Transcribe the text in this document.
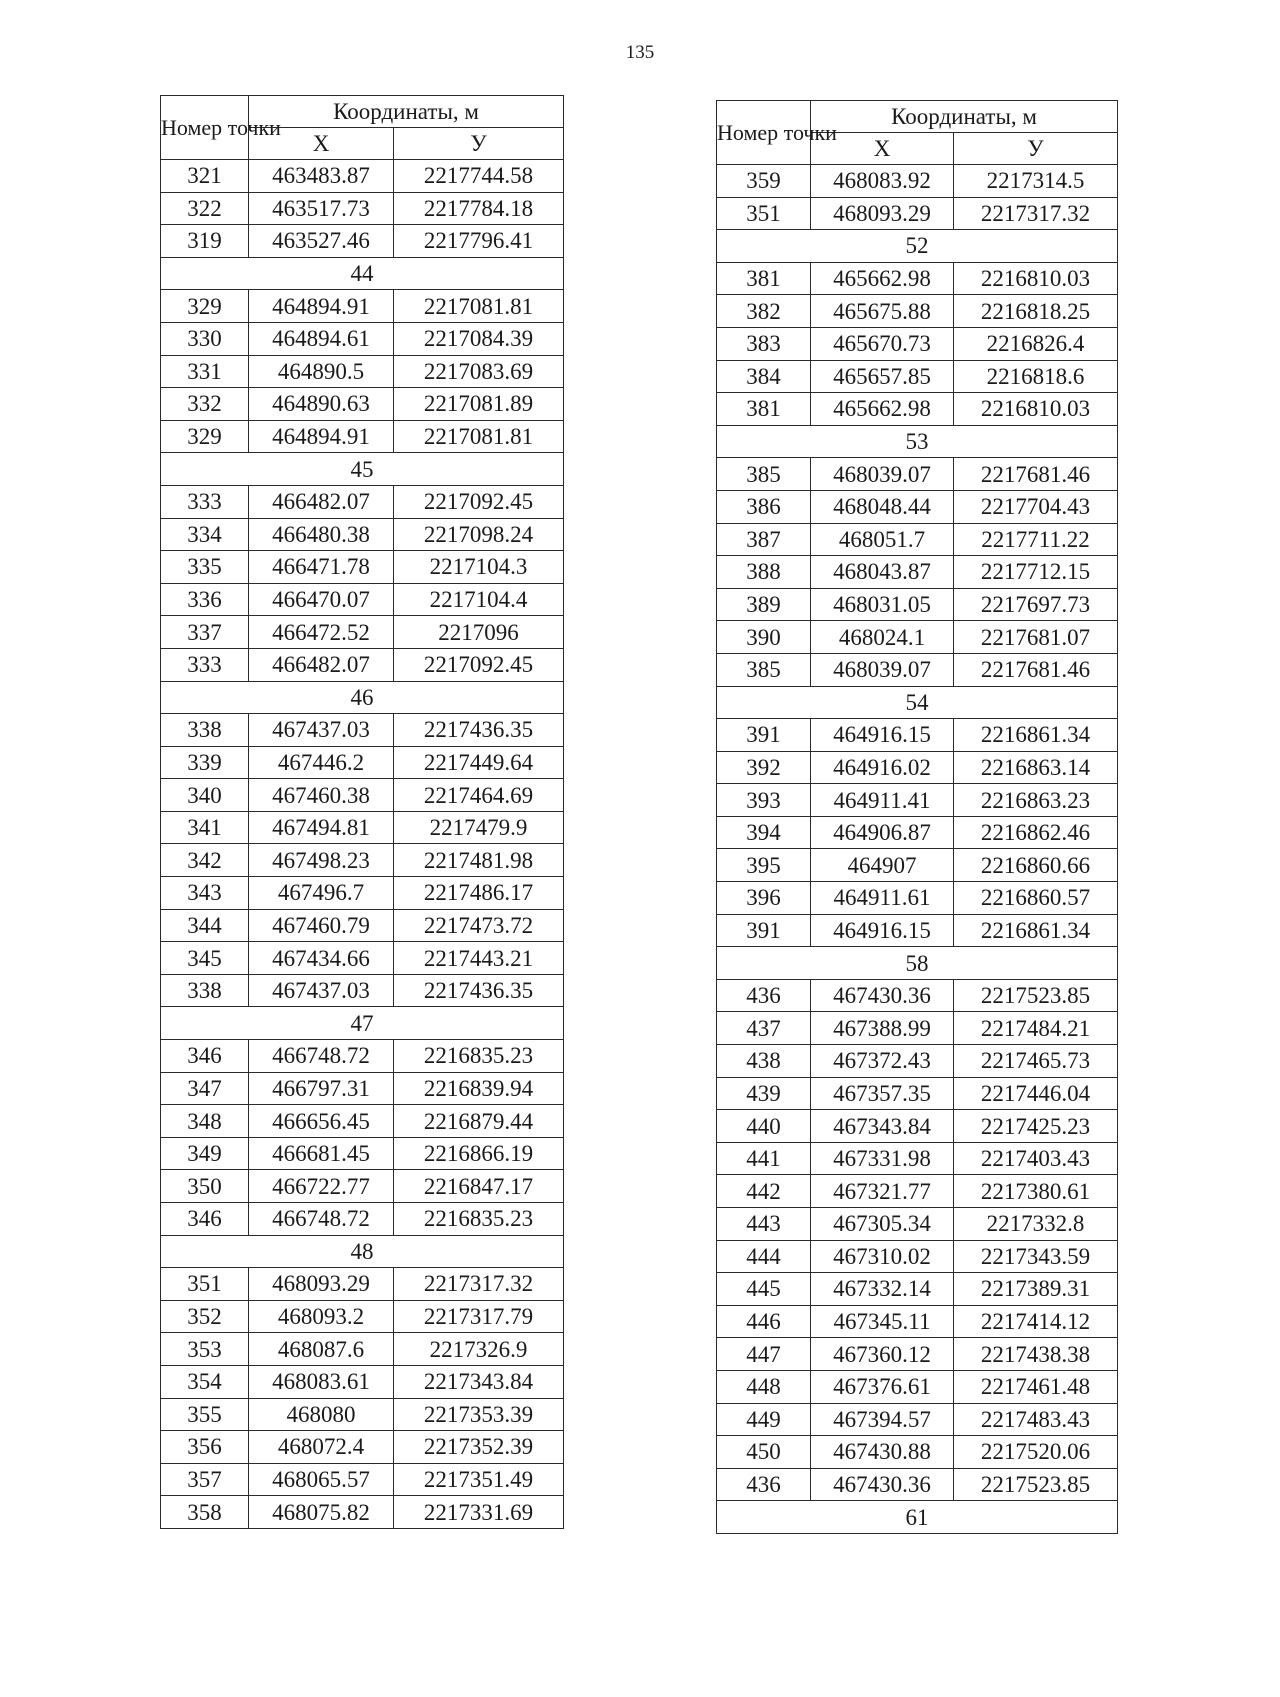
135
Номер точки	Координаты, м	
	Х	У
321	463483.87	2217744.58
322	463517.73	2217784.18
319	463527.46	2217796.41
44		
329	464894.91	2217081.81
330	464894.61	2217084.39
331	464890.5	2217083.69
332	464890.63	2217081.89
329	464894.91	2217081.81
45		
333	466482.07	2217092.45
334	466480.38	2217098.24
335	466471.78	2217104.3
336	466470.07	2217104.4
337	466472.52	2217096
333	466482.07	2217092.45
46		
338	467437.03	2217436.35
339	467446.2	2217449.64
340	467460.38	2217464.69
341	467494.81	2217479.9
342	467498.23	2217481.98
343	467496.7	2217486.17
344	467460.79	2217473.72
345	467434.66	2217443.21
338	467437.03	2217436.35
47		
346	466748.72	2216835.23
347	466797.31	2216839.94
348	466656.45	2216879.44
349	466681.45	2216866.19
350	466722.77	2216847.17
346	466748.72	2216835.23
48		
351	468093.29	2217317.32
352	468093.2	2217317.79
353	468087.6	2217326.9
354	468083.61	2217343.84
355	468080	2217353.39
356	468072.4	2217352.39
357	468065.57	2217351.49
358	468075.82	2217331.69
Номер точки	Координаты, м	
	Х	У
359	468083.92	2217314.5
351	468093.29	2217317.32
52		
381	465662.98	2216810.03
382	465675.88	2216818.25
383	465670.73	2216826.4
384	465657.85	2216818.6
381	465662.98	2216810.03
53		
385	468039.07	2217681.46
386	468048.44	2217704.43
387	468051.7	2217711.22
388	468043.87	2217712.15
389	468031.05	2217697.73
390	468024.1	2217681.07
385	468039.07	2217681.46
54		
391	464916.15	2216861.34
392	464916.02	2216863.14
393	464911.41	2216863.23
394	464906.87	2216862.46
395	464907	2216860.66
396	464911.61	2216860.57
391	464916.15	2216861.34
58		
436	467430.36	2217523.85
437	467388.99	2217484.21
438	467372.43	2217465.73
439	467357.35	2217446.04
440	467343.84	2217425.23
441	467331.98	2217403.43
442	467321.77	2217380.61
443	467305.34	2217332.8
444	467310.02	2217343.59
445	467332.14	2217389.31
446	467345.11	2217414.12
447	467360.12	2217438.38
448	467376.61	2217461.48
449	467394.57	2217483.43
450	467430.88	2217520.06
436	467430.36	2217523.85
61		
